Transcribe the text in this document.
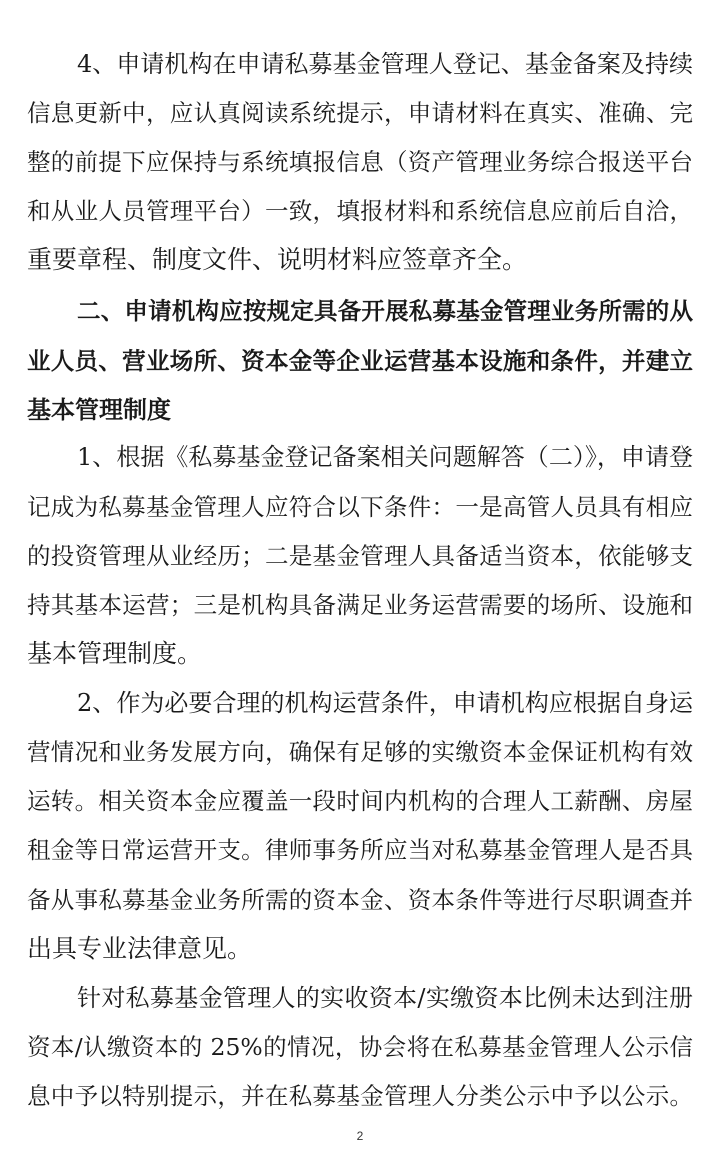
4、申请机构在申请私募基金管理人登记、基金备案及持续
信息更新中，应认真阅读系统提示，申请材料在真实、准确、完
整的前提下应保持与系统填报信息（资产管理业务综合报送平台
和从业人员管理平台）一致，填报材料和系统信息应前后自洽，
重要章程、制度文件、说明材料应签章齐全。
二、申请机构应按规定具备开展私募基金管理业务所需的从
业人员、营业场所、资本金等企业运营基本设施和条件，并建立
基本管理制度
1、根据《私募基金登记备案相关问题解答（二）》，申请登
记成为私募基金管理人应符合以下条件：一是高管人员具有相应
的投资管理从业经历；二是基金管理人具备适当资本，依能够支
持其基本运营；三是机构具备满足业务运营需要的场所、设施和
基本管理制度。
2、作为必要合理的机构运营条件，申请机构应根据自身运
营情况和业务发展方向，确保有足够的实缴资本金保证机构有效
运转。相关资本金应覆盖一段时间内机构的合理人工薪酬、房屋
租金等日常运营开支。律师事务所应当对私募基金管理人是否具
备从事私募基金业务所需的资本金、资本条件等进行尽职调查并
出具专业法律意见。
针对私募基金管理人的实收资本/实缴资本比例未达到注册
资本/认缴资本的 25%的情况，协会将在私募基金管理人公示信
息中予以特别提示，并在私募基金管理人分类公示中予以公示。
2
